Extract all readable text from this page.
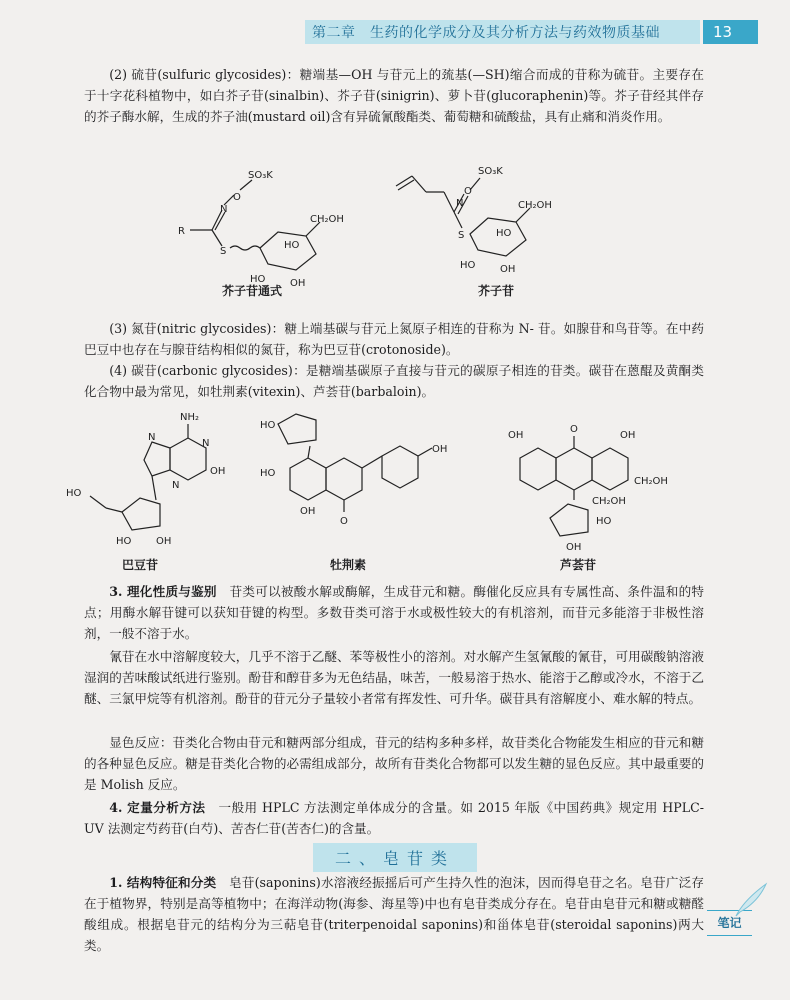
第二章　生药的化学成分及其分析方法与药效物质基础	13

(2) 硫苷(sulfuric glycosides)：糖端基—OH 与苷元上的巯基(—SH)缩合而成的苷称为硫苷。主要存在于十字花科植物中，如白芥子苷(sinalbin)、芥子苷(sinigrin)、萝卜苷(glucoraphenin)等。芥子苷经其伴存的芥子酶水解，生成的芥子油(mustard oil)含有异硫氰酸酯类、葡萄糖和硫酸盐，具有止痛和消炎作用。

SO₃K
O
N
R
S
CH₂OH
HO
HO OH
SO₃K
O
N
S
CH₂OH
HO
HO OH
芥子苷通式	芥子苷

(3) 氮苷(nitric glycosides)：糖上端基碳与苷元上氮原子相连的苷称为 N- 苷。如腺苷和鸟苷等。在中药巴豆中也存在与腺苷结构相似的氮苷，称为巴豆苷(crotonoside)。

(4) 碳苷(carbonic glycosides)：是糖端基碳原子直接与苷元的碳原子相连的苷类。碳苷在蒽醌及黄酮类化合物中最为常见，如牡荆素(vitexin)、芦荟苷(barbaloin)。

NH₂
N
N
N
OH
HO
HO OH
HO
OH
O
OH
HO
OH
O
OH
CH₂OH
CH₂OH
HO
OH
巴豆苷	牡荆素	芦荟苷

3. 理化性质与鉴别　 苷类可以被酸水解或酶解，生成苷元和糖。酶催化反应具有专属性高、条件温和的特点；用酶水解苷键可以获知苷键的构型。多数苷类可溶于水或极性较大的有机溶剂，而苷元多能溶于非极性溶剂，一般不溶于水。

氰苷在水中溶解度较大，几乎不溶于乙醚、苯等极性小的溶剂。对水解产生氢氰酸的氰苷，可用碳酸钠溶液湿润的苦味酸试纸进行鉴别。酚苷和醇苷多为无色结晶，味苦，一般易溶于热水、能溶于乙醇或冷水，不溶于乙醚、三氯甲烷等有机溶剂。酚苷的苷元分子量较小者常有挥发性、可升华。碳苷具有溶解度小、难水解的特点。

显色反应：苷类化合物由苷元和糖两部分组成，苷元的结构多种多样，故苷类化合物能发生相应的苷元和糖的各种显色反应。糖是苷类化合物的必需组成部分，故所有苷类化合物都可以发生糖的显色反应。其中最重要的是 Molish 反应。

4. 定量分析方法　 一般用 HPLC 方法测定单体成分的含量。如 2015 年版《中国药典》规定用 HPLC-UV 法测定芍药苷(白芍)、苦杏仁苷(苦杏仁)的含量。

二、皂苷类

1. 结构特征和分类　 皂苷(saponins)水溶液经振摇后可产生持久性的泡沫，因而得皂苷之名。皂苷广泛存在于植物界，特别是高等植物中；在海洋动物(海参、海星等)中也有皂苷类成分存在。皂苷由皂苷元和糖或糖醛酸组成。根据皂苷元的结构分为三萜皂苷(triterpenoidal saponins)和甾体皂苷(steroidal saponins)两大类。

笔记
